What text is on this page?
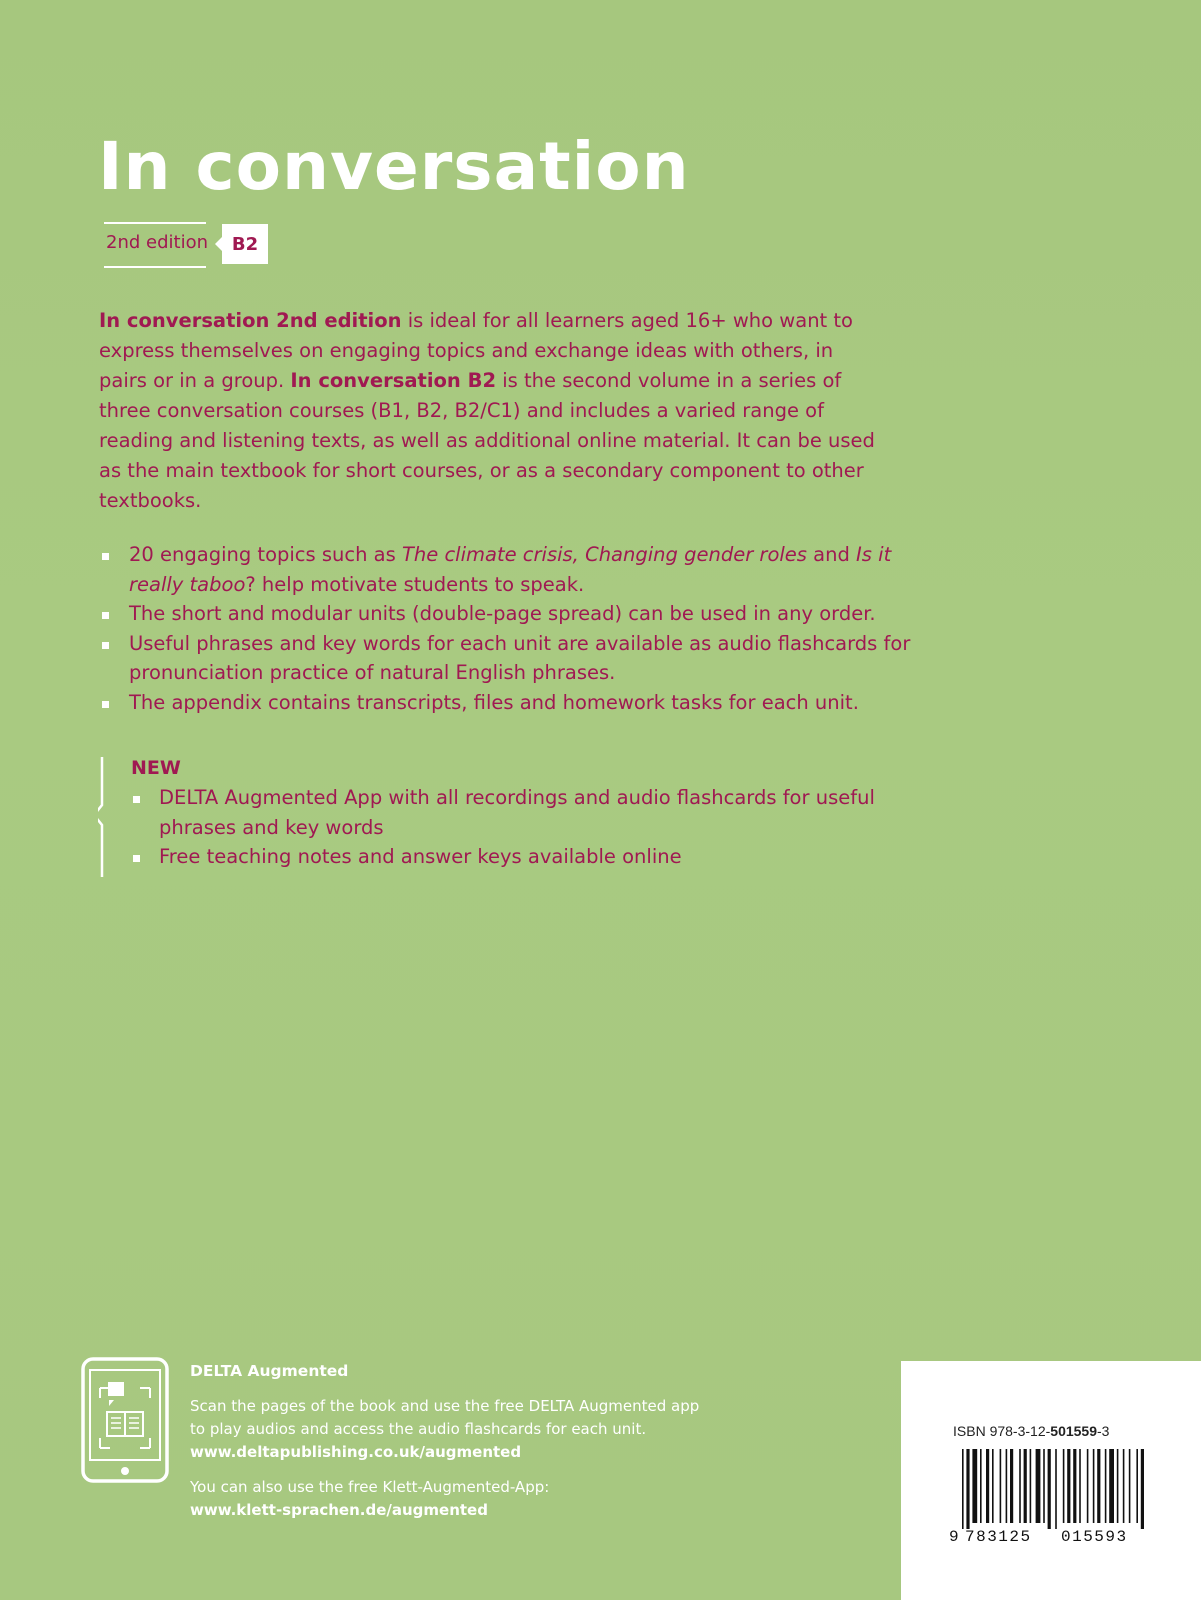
In conversation
2nd edition	B2

In conversation 2nd edition is ideal for all learners aged 16+ who want to express themselves on engaging topics and exchange ideas with others, in pairs or in a group. In conversation B2 is the second volume in a series of three conversation courses (B1, B2, B2/C1) and includes a varied range of reading and listening texts, as well as additional online material. It can be used as the main textbook for short courses, or as a secondary component to other textbooks.

20 engaging topics such as The climate crisis, Changing gender roles and Is it really taboo? help motivate students to speak.
The short and modular units (double-page spread) can be used in any order.
Useful phrases and key words for each unit are available as audio flashcards for pronunciation practice of natural English phrases.
The appendix contains transcripts, files and homework tasks for each unit.
NEW
DELTA Augmented App with all recordings and audio flashcards for useful phrases and key words
Free teaching notes and answer keys available online
DELTA Augmented
Scan the pages of the book and use the free DELTA Augmented app
to play audios and access the audio flashcards for each unit.
www.deltapublishing.co.uk/augmented
You can also use the free Klett-Augmented-App:
www.klett-sprachen.de/augmented
ISBN 978-3-12-501559-3
9 783125 015593
